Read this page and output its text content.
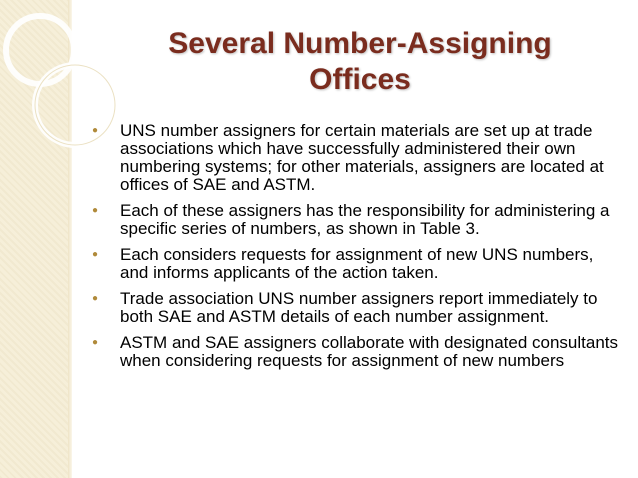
Several Number-Assigning
Offices
● UNS number assigners for certain materials are set up at trade associations which have successfully administered their own numbering systems; for other materials, assigners are located at offices of SAE and ASTM.
● Each of these assigners has the responsibility for administering a specific series of numbers, as shown in Table 3.
● Each considers requests for assignment of new UNS numbers, and informs applicants of the action taken.
● Trade association UNS number assigners report immediately to both SAE and ASTM details of each number assignment.
● ASTM and SAE assigners collaborate with designated consultants when considering requests for assignment of new numbers
